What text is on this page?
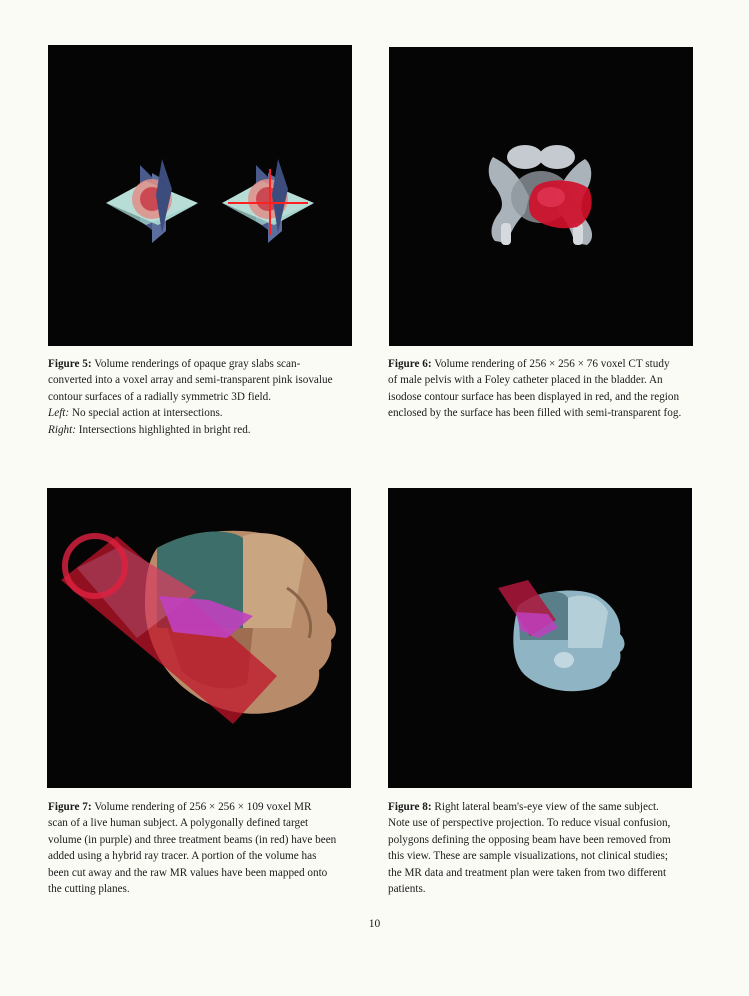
Figure 5: Volume renderings of opaque gray slabs scan-
converted into a voxel array and semi-transparent pink isovalue
contour surfaces of a radially symmetric 3D field.
Left: No special action at intersections.
Right: Intersections highlighted in bright red.
Figure 6: Volume rendering of 256 × 256 × 76 voxel CT study
of male pelvis with a Foley catheter placed in the bladder. An
isodose contour surface has been displayed in red, and the region
enclosed by the surface has been filled with semi-transparent fog.
Figure 7: Volume rendering of 256 × 256 × 109 voxel MR
scan of a live human subject. A polygonally defined target
volume (in purple) and three treatment beams (in red) have been
added using a hybrid ray tracer. A portion of the volume has
been cut away and the raw MR values have been mapped onto
the cutting planes.
Figure 8: Right lateral beam's-eye view of the same subject.
Note use of perspective projection. To reduce visual confusion,
polygons defining the opposing beam have been removed from
this view. These are sample visualizations, not clinical studies;
the MR data and treatment plan were taken from two different
patients.
10
